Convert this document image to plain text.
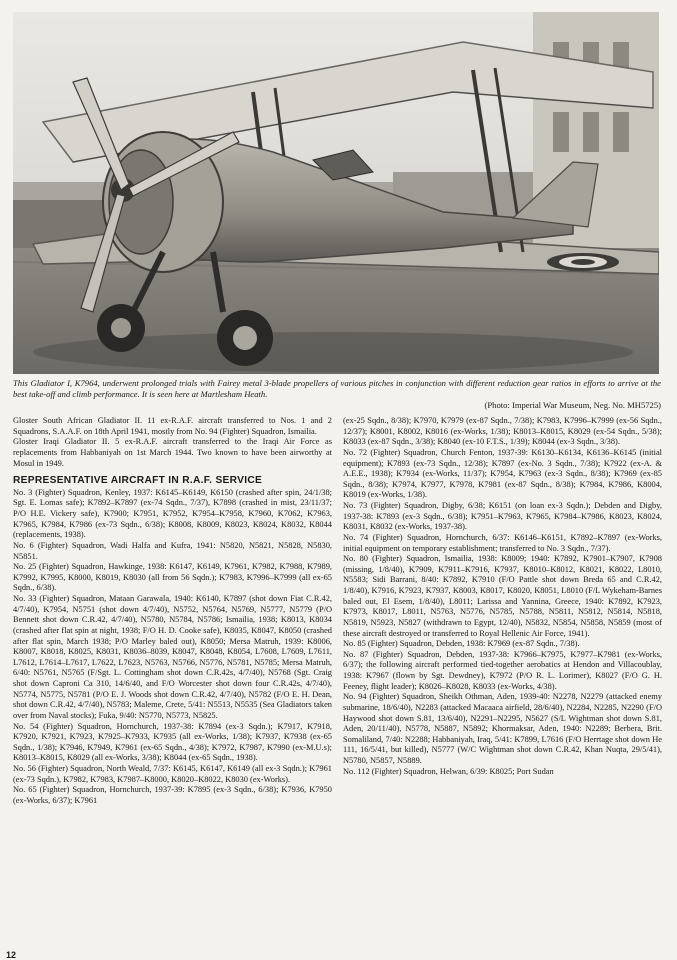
This Gladiator I, K7964, underwent prolonged trials with Fairey metal 3-blade propellers of various pitches in conjunction with different reduction gear ratios in efforts to arrive at the best take-off and climb performance. It is seen here at Martlesham Heath.
(Photo: Imperial War Museum, Neg. No. MH5725)

Gloster South African Gladiator II. 11 ex-R.A.F. aircraft transferred to Nos. 1 and 2 Squadrons, S.A.A.F. on 18th April 1941, mostly from No. 94 (Fighter) Squadron, Ismailia.

Gloster Iraqi Gladiator II. 5 ex-R.A.F. aircraft transferred to the Iraqi Air Force as replacements from Habbaniyah on 1st March 1944. Two known to have been airworthy at Mosul in 1949.

REPRESENTATIVE AIRCRAFT IN R.A.F. SERVICE

No. 3 (Fighter) Squadron, Kenley, 1937: K6145–K6149, K6150 (crashed after spin, 24/1/38; Sgt. E. Lomas safe); K7892–K7897 (ex-74 Sqdn., 7/37), K7898 (crashed in mist, 23/11/37; P/O H.E. Vickery safe), K7900; K7951, K7952, K7954–K7958, K7960, K7062, K7963, K7965, K7984, K7986 (ex-73 Sqdn., 6/38); K8008, K8009, K8023, K8024, K8032, K8044 (replacements, 1938).

No. 6 (Fighter) Squadron, Wadi Halfa and Kufra, 1941: N5820, N5821, N5828, N5830, N5851.

No. 25 (Fighter) Squadron, Hawkinge, 1938: K6147, K6149, K7961, K7982, K7988, K7989, K7992, K7995, K8000, K8019, K8030 (all from 56 Sqdn.); K7983, K7996–K7999 (all ex-65 Sqdn., 6/38).

No. 33 (Fighter) Squadron, Mataan Garawala, 1940: K6140, K7897 (shot down Fiat C.R.42, 4/7/40), K7954, N5751 (shot down 4/7/40), N5752, N5764, N5769, N5777, N5779 (P/O Bennett shot down C.R.42, 4/7/40), N5780, N5784, N5786; Ismailia, 1938; K8013, K8034 (crashed after flat spin at night, 1938; F/O H. D. Cooke safe), K8035, K8047, K8050 (crashed after flat spin, March 1938; P/O Marley baled out), K8050; Mersa Matruh, 1939: K8006, K8007, K8018, K8025, K8031, K8036–8039, K8047, K8048, K8054, L7608, L7609, L7611, L7612, L7614–L7617, L7622, L7623, N5763, N5766, N5776, N5781, N5785; Mersa Matruh, 6/40: N5761, N5765 (F/Sgt. L. Cottingham shot down C.R.42s, 4/7/40), N5768 (Sgt. Craig shot down Caproni Ca 310, 14/6/40, and F/O Worcester shot down four C.R.42s, 4/7/40), N5774, N5775, N5781 (P/O E. J. Woods shot down C.R.42, 4/7/40), N5782 (F/O E. H. Dean, shot down C.R.42, 4/7/40), N5783; Maleme, Crete, 5/41: N5513, N5535 (Sea Gladiators taken over from Naval stocks); Fuka, 9/40: N5770, N5773, N5825.

No. 54 (Fighter) Squadron, Hornchurch, 1937-38: K7894 (ex-3 Sqdn.); K7917, K7918, K7920, K7921, K7923, K7925–K7933, K7935 (all ex-Works, 1/38); K7937, K7938 (ex-65 Sqdn., 1/38); K7946, K7949, K7961 (ex-65 Sqdn., 4/38); K7972, K7987, K7990 (ex-M.U.s); K8013–K8015, K8029 (all ex-Works, 3/38); K8044 (ex-65 Sqdn., 1938).

No. 56 (Fighter) Squadron, North Weald, 7/37: K6145, K6147, K6149 (all ex-3 Sqdn.); K7961 (ex-73 Sqdn.), K7982, K7983, K7987–K8000, K8020–K8022, K8030 (ex-Works).

No. 65 (Fighter) Squadron, Hornchurch, 1937-39: K7895 (ex-3 Sqdn., 6/38); K7936, K7950 (ex-Works, 6/37); K7961

(ex-25 Sqdn., 8/38); K7970, K7979 (ex-87 Sqdn., 7/38); K7983, K7996–K7999 (ex-56 Sqdn., 12/37); K8001, K8002, K8016 (ex-Works, 1/38); K8013–K8015, K8029 (ex-54 Sqdn., 5/38); K8033 (ex-87 Sqdn., 3/38); K8040 (ex-10 F.T.S., 1/39); K8044 (ex-3 Sqdn., 3/38).

No. 72 (Fighter) Squadron, Church Fenton, 1937-39: K6130–K6134, K6136–K6145 (initial equipment); K7893 (ex-73 Sqdn., 12/38); K7897 (ex-No. 3 Sqdn., 7/38); K7922 (ex-A. & A.E.E., 1938); K7934 (ex-Works, 11/37); K7954, K7963 (ex-3 Sqdn., 8/38); K7969 (ex-85 Sqdn., 8/38); K7974, K7977, K7978, K7981 (ex-87 Sqdn., 8/38); K7984, K7986, K8004, K8019 (ex-Works, 1/38).

No. 73 (Fighter) Squadron, Digby, 6/38; K6151 (on loan ex-3 Sqdn.); Debden and Digby, 1937-38: K7893 (ex-3 Sqdn., 6/38); K7951–K7963, K7965, K7984–K7986, K8023, K8024, K8031, K8032 (ex-Works, 1937-38).

No. 74 (Fighter) Squadron, Hornchurch, 6/37: K6146–K6151, K7892–K7897 (ex-Works, initial equipment on temporary establishment; transferred to No. 3 Sqdn., 7/37).

No. 80 (Fighter) Squadron, Ismailia, 1938: K8009; 1940: K7892, K7901–K7907, K7908 (missing, 1/8/40), K7909, K7911–K7916, K7937, K8010–K8012, K8021, K8022, L8010, N5583; Sidi Barrani, 8/40: K7892, K7910 (F/O Pattle shot down Breda 65 and C.R.42, 1/8/40), K7916, K7923, K7937, K8003, K8017, K8020, K8051, L8010 (F/L Wykeham-Barnes baled out, El Esem, 1/8/40), L8011; Larissa and Yannina, Greece, 1940: K7892, K7923, K7973, K8017, L8011, N5763, N5776, N5785, N5788, N5811, N5812, N5814, N5818, N5819, N5923, N5827 (withdrawn to Egypt, 12/40), N5832, N5854, N5858, N5859 (most of these aircraft destroyed or transferred to Royal Hellenic Air Force, 1941).

No. 85 (Fighter) Squadron, Debden, 1938: K7969 (ex-87 Sqdn., 7/38).

No. 87 (Fighter) Squadron, Debden, 1937-38: K7966–K7975, K7977–K7981 (ex-Works, 6/37); the following aircraft performed tied-together aerobatics at Hendon and Villacoublay, 1938: K7967 (flown by Sgt. Dewdney), K7972 (P/O R. L. Lorimer), K8027 (F/O G. H. Feeney, flight leader); K8026–K8028, K8033 (ex-Works, 4/38).

No. 94 (Fighter) Squadron, Sheikh Othman, Aden, 1939-40: N2278, N2279 (attacked enemy submarine, 18/6/40), N2283 (attacked Macaaca airfield, 28/6/40), N2284, N2285, N2290 (F/O Haywood shot down S.81, 13/6/40), N2291–N2295, N5627 (S/L Wightman shot down S.81, Aden, 20/11/40), N5778, N5887, N5892; Khormaksar, Aden, 1940: N2289; Berbera, Brit. Somaliland, 7/40: N2288; Habbaniyah, Iraq, 5/41: K7899, L7616 (F/O Herrtage shot down He 111, 16/5/41, but killed), N5777 (W/C Wightman shot down C.R.42, Khan Nuqta, 29/5/41), N5780, N5857, N5889.

No. 112 (Fighter) Squadron, Helwan, 6/39: K8025; Port Sudan

12
